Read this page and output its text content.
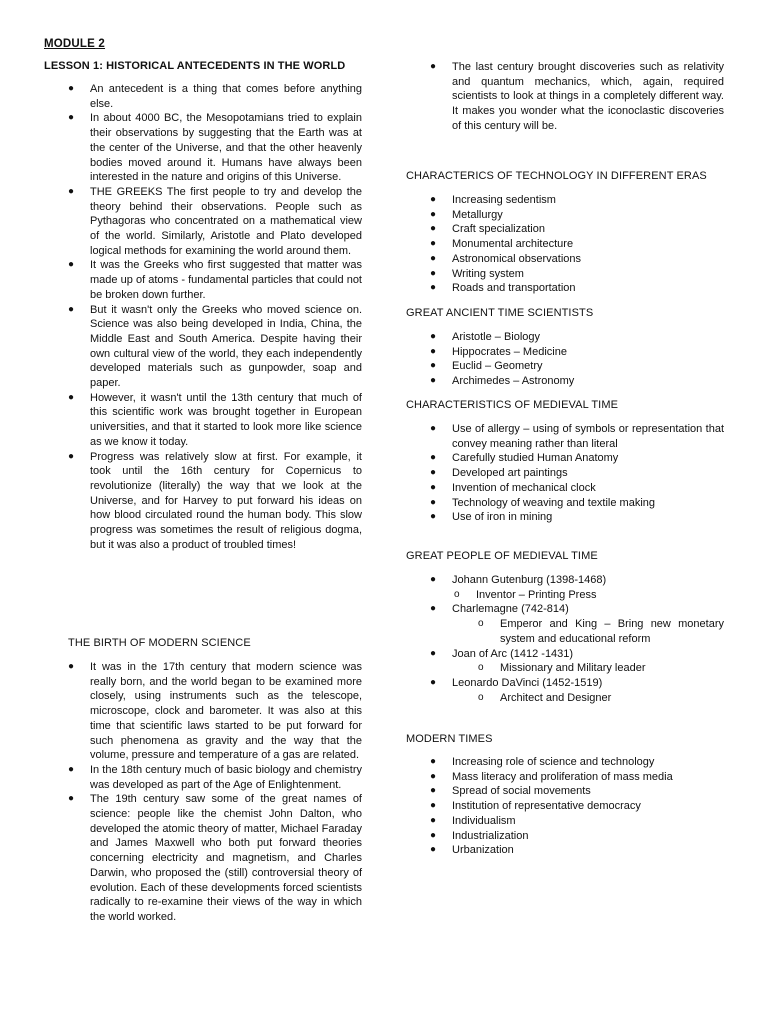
MODULE 2
LESSON 1: HISTORICAL ANTECEDENTS IN THE WORLD
● An antecedent is a thing that comes before anything else.
● In about 4000 BC, the Mesopotamians tried to explain their observations by suggesting that the Earth was at the center of the Universe, and that the other heavenly bodies moved around it. Humans have always been interested in the nature and origins of this Universe.
● THE GREEKS The first people to try and develop the theory behind their observations. People such as Pythagoras who concentrated on a mathematical view of the world. Similarly, Aristotle and Plato developed logical methods for examining the world around them.
● It was the Greeks who first suggested that matter was made up of atoms - fundamental particles that could not be broken down further.
● But it wasn't only the Greeks who moved science on. Science was also being developed in India, China, the Middle East and South America. Despite having their own cultural view of the world, they each independently developed materials such as gunpowder, soap and paper.
● However, it wasn't until the 13th century that much of this scientific work was brought together in European universities, and that it started to look more like science as we know it today.
● Progress was relatively slow at first. For example, it took until the 16th century for Copernicus to revolutionize (literally) the way that we look at the Universe, and for Harvey to put forward his ideas on how blood circulated round the human body. This slow progress was sometimes the result of religious dogma, but it was also a product of troubled times!
THE BIRTH OF MODERN SCIENCE
● It was in the 17th century that modern science was really born, and the world began to be examined more closely, using instruments such as the telescope, microscope, clock and barometer. It was also at this time that scientific laws started to be put forward for such phenomena as gravity and the way that the volume, pressure and temperature of a gas are related.
● In the 18th century much of basic biology and chemistry was developed as part of the Age of Enlightenment.
● The 19th century saw some of the great names of science: people like the chemist John Dalton, who developed the atomic theory of matter, Michael Faraday and James Maxwell who both put forward theories concerning electricity and magnetism, and Charles Darwin, who proposed the (still) controversial theory of evolution. Each of these developments forced scientists radically to re-examine their views of the way in which the world worked.
● The last century brought discoveries such as relativity and quantum mechanics, which, again, required scientists to look at things in a completely different way. It makes you wonder what the iconoclastic discoveries of this century will be.
CHARACTERICS OF TECHNOLOGY IN DIFFERENT ERAS
● Increasing sedentism
● Metallurgy
● Craft specialization
● Monumental architecture
● Astronomical observations
● Writing system
● Roads and transportation
GREAT ANCIENT TIME SCIENTISTS
● Aristotle – Biology
● Hippocrates – Medicine
● Euclid – Geometry
● Archimedes – Astronomy
CHARACTERISTICS OF MEDIEVAL TIME
● Use of allergy – using of symbols or representation that convey meaning rather than literal
● Carefully studied Human Anatomy
● Developed art paintings
● Invention of mechanical clock
● Technology of weaving and textile making
● Use of iron in mining
GREAT PEOPLE OF MEDIEVAL TIME
● Johann Gutenburg (1398-1468)
o Inventor – Printing Press
● Charlemagne (742-814)
o Emperor and King – Bring new monetary system and educational reform
● Joan of Arc (1412 -1431)
o Missionary and Military leader
● Leonardo DaVinci (1452-1519)
o Architect and Designer
MODERN TIMES
● Increasing role of science and technology
● Mass literacy and proliferation of mass media
● Spread of social movements
● Institution of representative democracy
● Individualism
● Industrialization
● Urbanization
